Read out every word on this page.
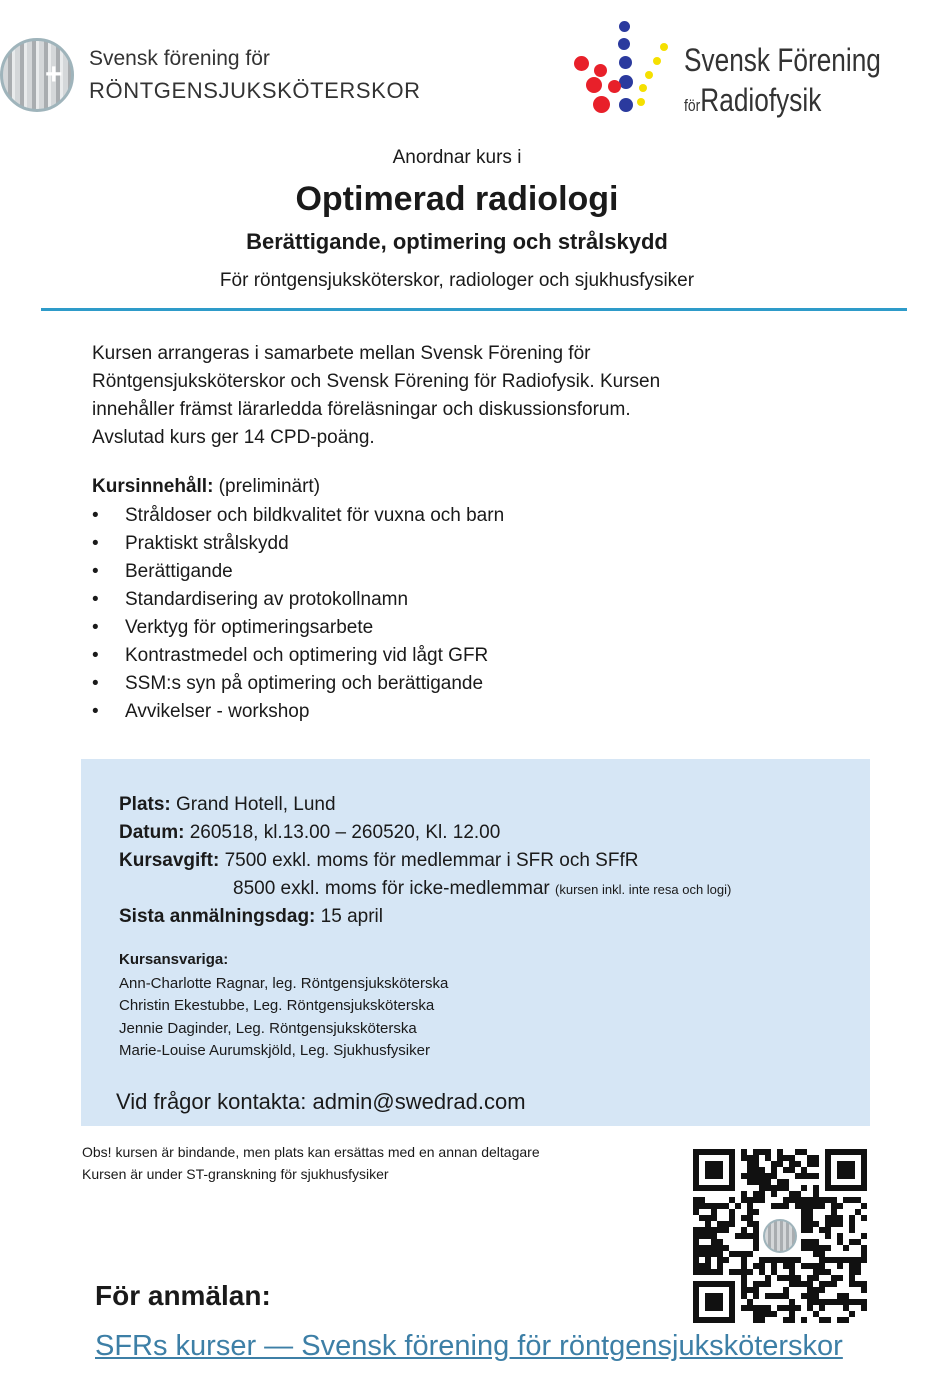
+ Svensk förening för
RÖNTGENSJUKSKÖTERSKOR
Svensk Förening
förRadiofysik
Anordnar kurs i
Optimerad radiologi
Berättigande, optimering och strålskydd
För röntgensjuksköterskor, radiologer och sjukhusfysiker

Kursen arrangeras i samarbete mellan Svensk Förening för

Röntgensjuksköterskor och Svensk Förening för Radiofysik. Kursen

innehåller främst lärarledda föreläsningar och diskussionsforum.

Avslutad kurs ger 14 CPD-poäng.

Kursinnehåll: (preliminärt)
• Stråldoser och bildkvalitet för vuxna och barn
• Praktiskt strålskydd
• Berättigande
• Standardisering av protokollnamn
• Verktyg för optimeringsarbete
• Kontrastmedel och optimering vid lågt GFR
• SSM:s syn på optimering och berättigande
• Avvikelser - workshop
Plats: Grand Hotell, Lund
Datum: 260518, kl.13.00 – 260520, Kl. 12.00
Kursavgift: 7500 exkl. moms för medlemmar i SFR och SFfR
8500 exkl. moms för icke-medlemmar (kursen inkl. inte resa och logi)
Sista anmälningsdag: 15 april
Kursansvariga:
Ann-Charlotte Ragnar, leg. Röntgensjuksköterska
Christin Ekestubbe, Leg. Röntgensjuksköterska
Jennie Daginder, Leg. Röntgensjuksköterska
Marie-Louise Aurumskjöld, Leg. Sjukhusfysiker
Vid frågor kontakta: admin@swedrad.com
Obs! kursen är bindande, men plats kan ersättas med en annan deltagare
Kursen är under ST-granskning för sjukhusfysiker
För anmälan:
SFRs kurser — Svensk förening för röntgensjuksköterskor
